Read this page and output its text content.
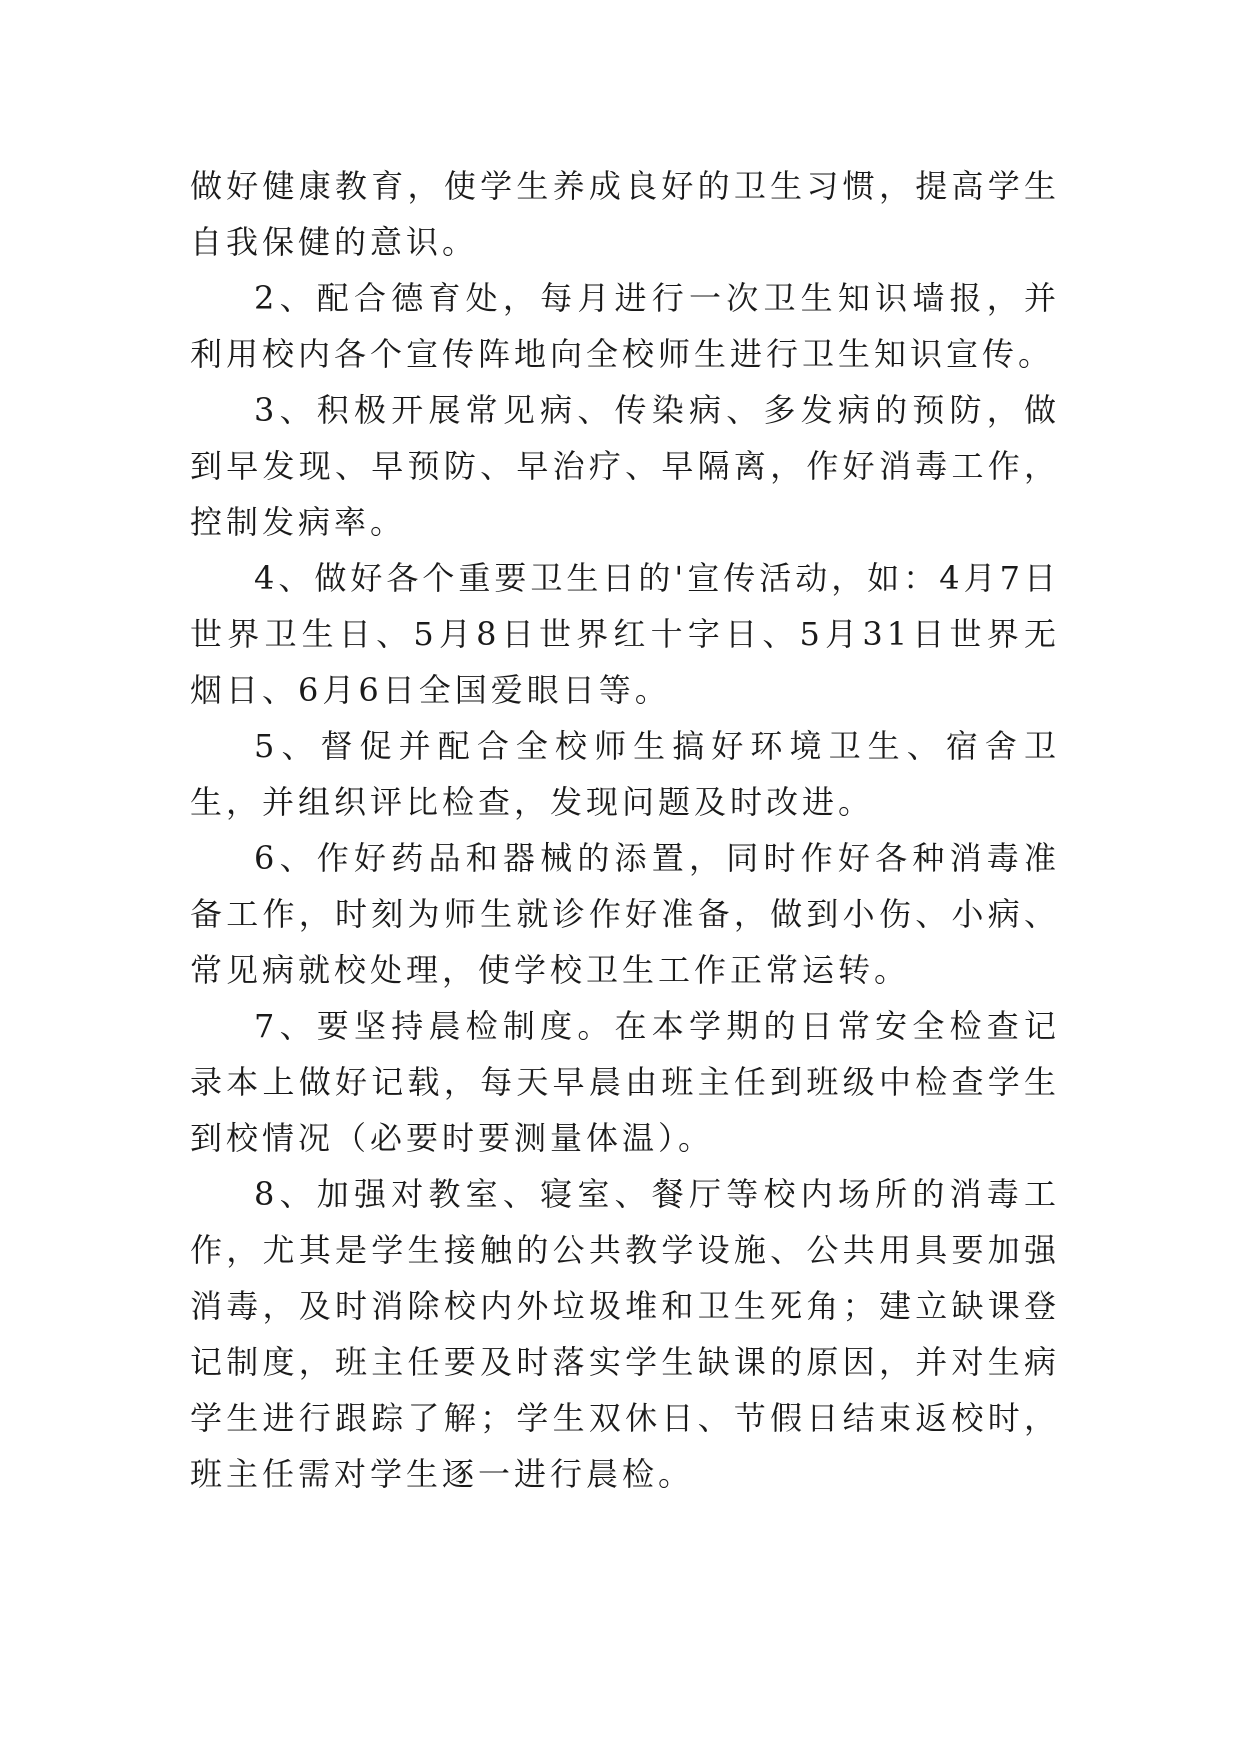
做好健康教育，使学生养成良好的卫生习惯，提高学生自我保健的意识。

2、配合德育处，每月进行一次卫生知识墙报，并利用校内各个宣传阵地向全校师生进行卫生知识宣传。

3、积极开展常见病、传染病、多发病的预防，做到早发现、早预防、早治疗、早隔离，作好消毒工作，控制发病率。

4、做好各个重要卫生日的'宣传活动，如：4月7日世界卫生日、5月8日世界红十字日、5月31日世界无烟日、6月6日全国爱眼日等。

5、督促并配合全校师生搞好环境卫生、宿舍卫生，并组织评比检查，发现问题及时改进。

6、作好药品和器械的添置，同时作好各种消毒准备工作，时刻为师生就诊作好准备，做到小伤、小病、常见病就校处理，使学校卫生工作正常运转。

7、要坚持晨检制度。在本学期的日常安全检查记录本上做好记载，每天早晨由班主任到班级中检查学生到校情况（必要时要测量体温）。

8、加强对教室、寝室、餐厅等校内场所的消毒工作，尤其是学生接触的公共教学设施、公共用具要加强消毒，及时消除校内外垃圾堆和卫生死角；建立缺课登记制度，班主任要及时落实学生缺课的原因，并对生病学生进行跟踪了解；学生双休日、节假日结束返校时，班主任需对学生逐一进行晨检。
